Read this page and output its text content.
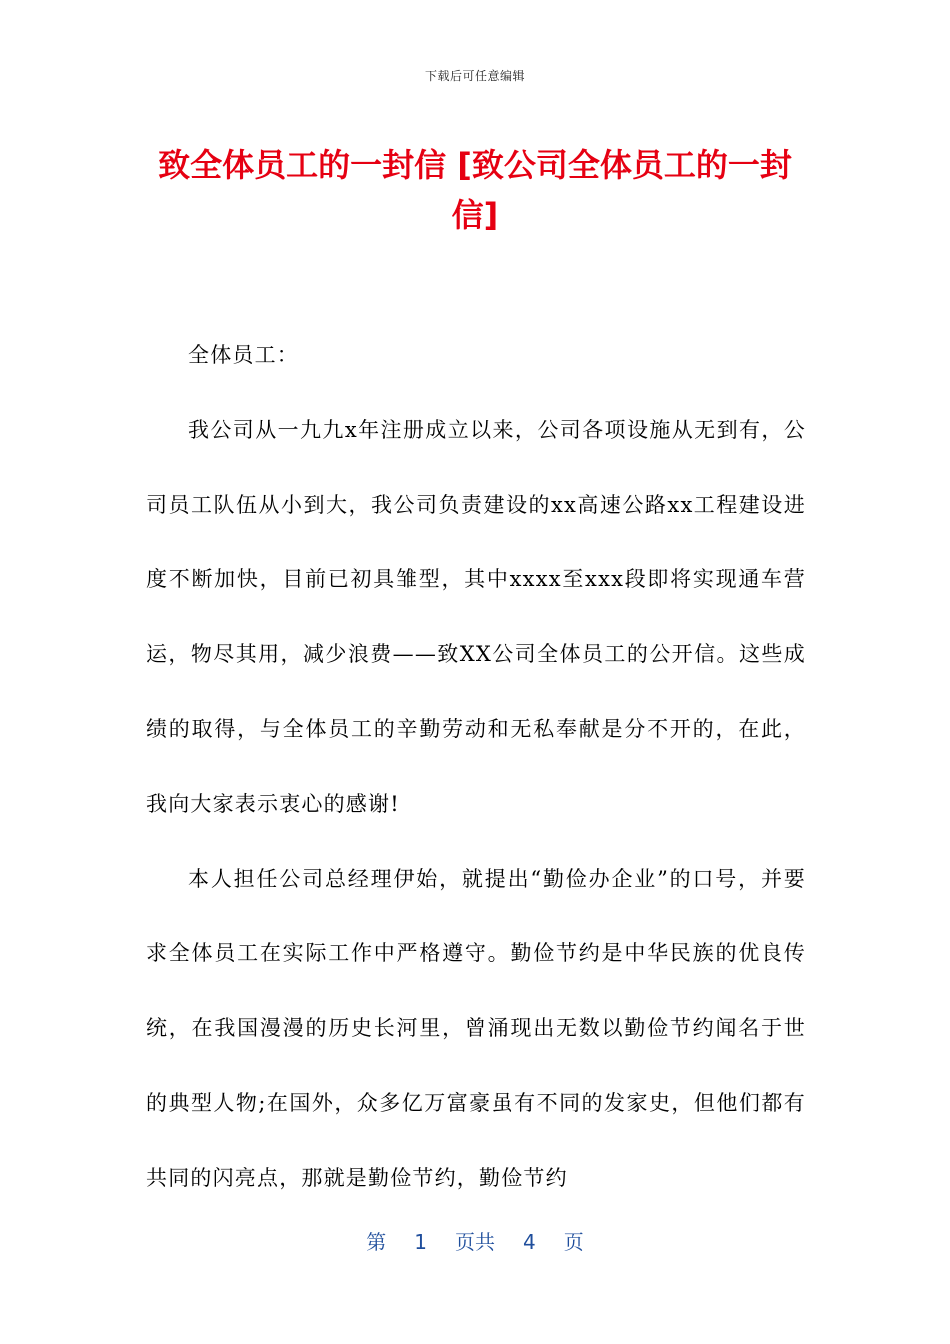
下载后可任意编辑
致全体员工的一封信 [致公司全体员工的一封信]

全体员工：

我公司从一九九x年注册成立以来，公司各项设施从无到有，公司员工队伍从小到大，我公司负责建设的xx高速公路xx工程建设进度不断加快，目前已初具雏型，其中xxxx至xxx段即将实现通车营运，物尽其用，减少浪费——致XX公司全体员工的公开信。这些成绩的取得，与全体员工的辛勤劳动和无私奉献是分不开的，在此，我向大家表示衷心的感谢!

本人担任公司总经理伊始，就提出“勤俭办企业”的口号，并要求全体员工在实际工作中严格遵守。勤俭节约是中华民族的优良传统，在我国漫漫的历史长河里，曾涌现出无数以勤俭节约闻名于世的典型人物;在国外，众多亿万富豪虽有不同的发家史，但他们都有共同的闪亮点，那就是勤俭节约，勤俭节约

第 1 页共 4 页
